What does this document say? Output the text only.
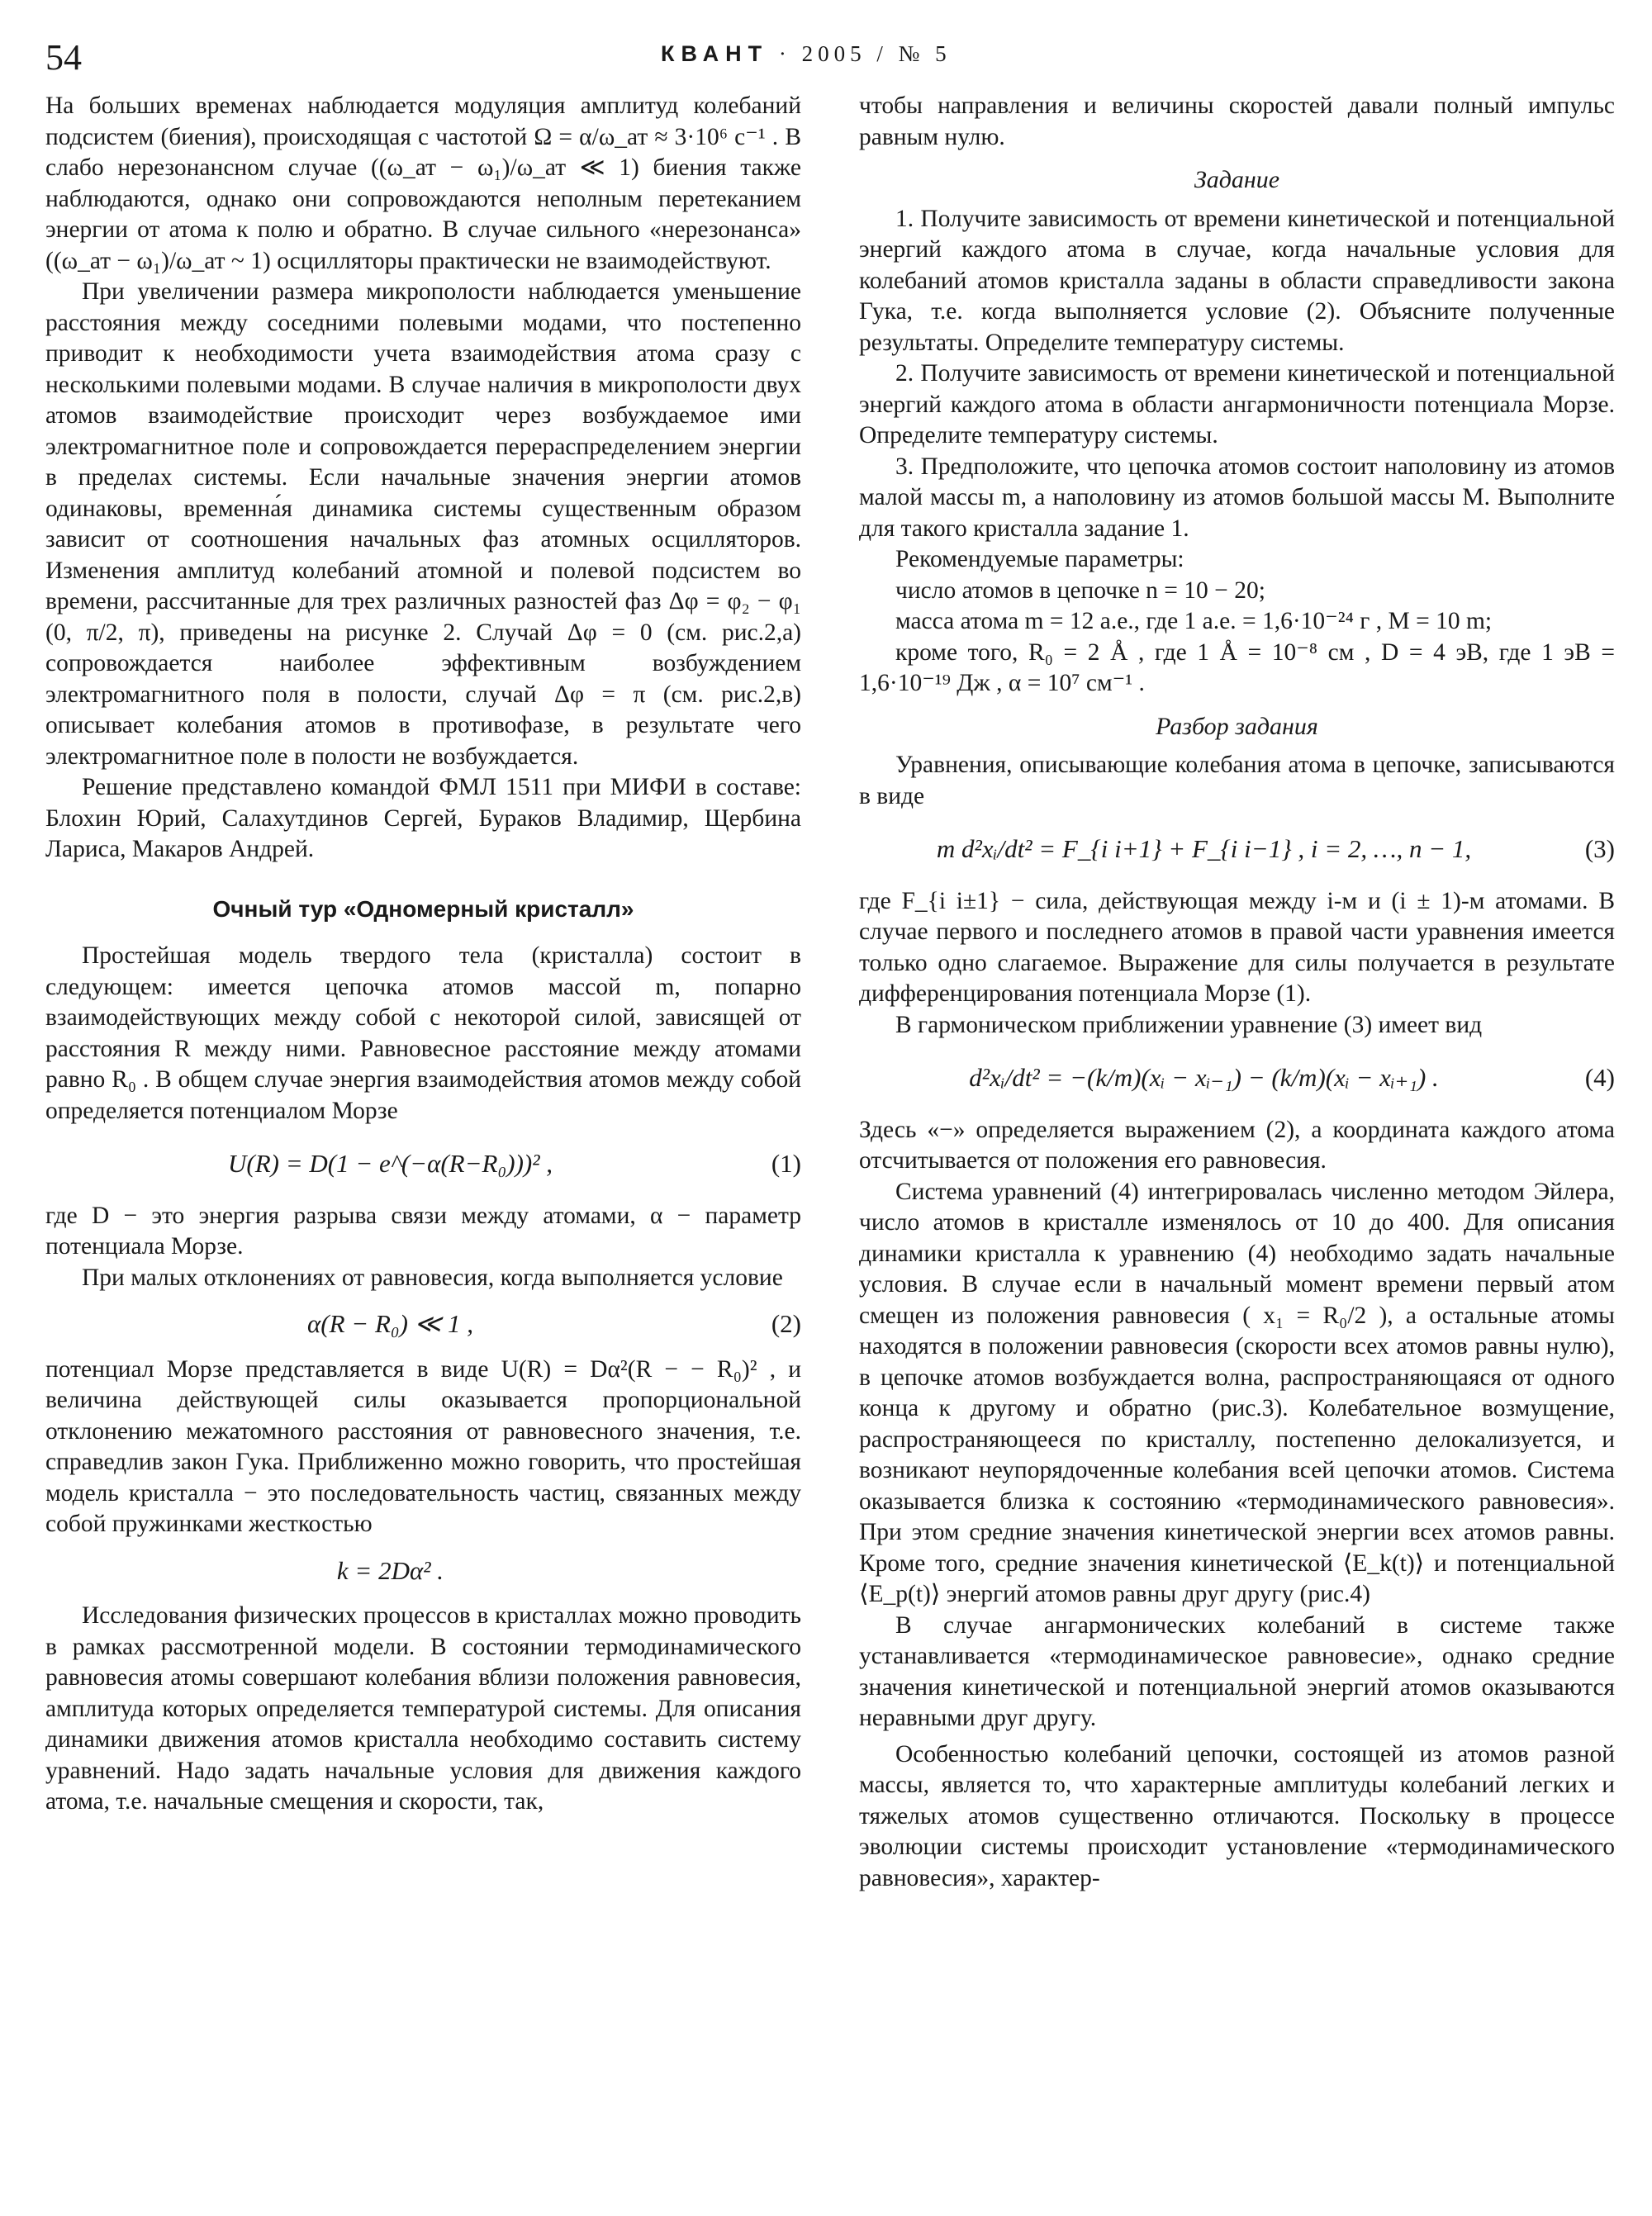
54	КВАНТ · 2005 / № 5

На больших временах наблюдается модуляция амплитуд колебаний подсистем (биения), происходящая с частотой Ω = α/ω_ат ≈ 3·10⁶ с⁻¹ . В слабо нерезонансном случае ((ω_ат − ω₁)/ω_ат ≪ 1) биения также наблюдаются, однако они сопровождаются неполным перетеканием энергии от атома к полю и обратно. В случае сильного «нерезонанса» ((ω_ат − ω₁)/ω_ат ~ 1) осцилляторы практически не взаимодействуют.

При увеличении размера микрополости наблюдается уменьшение расстояния между соседними полевыми модами, что постепенно приводит к необходимости учета взаимодействия атома сразу с несколькими полевыми модами. В случае наличия в микрополости двух атомов взаимодействие происходит через возбуждаемое ими электромагнитное поле и сопровождается перераспределением энергии в пределах системы. Если начальные значения энергии атомов одинаковы, временна́я динамика системы существенным образом зависит от соотношения начальных фаз атомных осцилляторов. Изменения амплитуд колебаний атомной и полевой подсистем во времени, рассчитанные для трех различных разностей фаз Δφ = φ₂ − φ₁ (0, π/2, π), приведены на рисунке 2. Случай Δφ = 0 (см. рис.2,а) сопровождается наиболее эффективным возбуждением электромагнитного поля в полости, случай Δφ = π (см. рис.2,в) описывает колебания атомов в противофазе, в результате чего электромагнитное поле в полости не возбуждается.

Решение представлено командой ФМЛ 1511 при МИФИ в составе: Блохин Юрий, Салахутдинов Сергей, Бураков Владимир, Щербина Лариса, Макаров Андрей.

Очный тур «Одномерный кристалл»

Простейшая модель твердого тела (кристалла) состоит в следующем: имеется цепочка атомов массой m, попарно взаимодействующих между собой с некоторой силой, зависящей от расстояния R между ними. Равновесное расстояние между атомами равно R₀ . В общем случае энергия взаимодействия атомов между собой определяется потенциалом Морзе

U(R) = D(1 − e^(−α(R−R₀)))² ,	(1)

где D − это энергия разрыва связи между атомами, α − параметр потенциала Морзе.

При малых отклонениях от равновесия, когда выполняется условие

α(R − R₀) ≪ 1 ,	(2)

потенциал Морзе представляется в виде U(R) = Dα²(R − − R₀)² , и величина действующей силы оказывается пропорциональной отклонению межатомного расстояния от равновесного значения, т.е. справедлив закон Гука. Приближенно можно говорить, что простейшая модель кристалла − это последовательность частиц, связанных между собой пружинками жесткостью

k = 2Dα² .

Исследования физических процессов в кристаллах можно проводить в рамках рассмотренной модели. В состоянии термодинамического равновесия атомы совершают колебания вблизи положения равновесия, амплитуда которых определяется температурой системы. Для описания динамики движения атомов кристалла необходимо составить систему уравнений. Надо задать начальные условия для движения каждого атома, т.е. начальные смещения и скорости, так,

чтобы направления и величины скоростей давали полный импульс равным нулю.

Задание

1. Получите зависимость от времени кинетической и потенциальной энергий каждого атома в случае, когда начальные условия для колебаний атомов кристалла заданы в области справедливости закона Гука, т.е. когда выполняется условие (2). Объясните полученные результаты. Определите температуру системы.

2. Получите зависимость от времени кинетической и потенциальной энергий каждого атома в области ангармоничности потенциала Морзе. Определите температуру системы.

3. Предположите, что цепочка атомов состоит наполовину из атомов малой массы m, а наполовину из атомов большой массы M. Выполните для такого кристалла задание 1.

Рекомендуемые параметры:

число атомов в цепочке n = 10 − 20;

масса атома m = 12 а.е., где 1 а.е. = 1,6·10⁻²⁴ г , M = 10 m;

кроме того, R₀ = 2 Å , где 1 Å = 10⁻⁸ см , D = 4 эВ, где 1 эВ = 1,6·10⁻¹⁹ Дж , α = 10⁷ см⁻¹ .

Разбор задания

Уравнения, описывающие колебания атома в цепочке, записываются в виде

m d²xᵢ/dt² = F_{i i+1} + F_{i i−1} , i = 2, …, n − 1,	(3)

где F_{i i±1} − сила, действующая между i-м и (i ± 1)-м атомами. В случае первого и последнего атомов в правой части уравнения имеется только одно слагаемое. Выражение для силы получается в результате дифференцирования потенциала Морзе (1).

В гармоническом приближении уравнение (3) имеет вид

d²xᵢ/dt² = −(k/m)(xᵢ − xᵢ₋₁) − (k/m)(xᵢ − xᵢ₊₁) .	(4)

Здесь «−» определяется выражением (2), а координата каждого атома отсчитывается от положения его равновесия.

Система уравнений (4) интегрировалась численно методом Эйлера, число атомов в кристалле изменялось от 10 до 400. Для описания динамики кристалла к уравнению (4) необходимо задать начальные условия. В случае если в начальный момент времени первый атом смещен из положения равновесия ( x₁ = R₀/2 ), а остальные атомы находятся в положении равновесия (скорости всех атомов равны нулю), в цепочке атомов возбуждается волна, распространяющаяся от одного конца к другому и обратно (рис.3). Колебательное возмущение, распространяющееся по кристаллу, постепенно делокализуется, и возникают неупорядоченные колебания всей цепочки атомов. Система оказывается близка к состоянию «термодинамического равновесия». При этом средние значения кинетической энергии всех атомов равны. Кроме того, средние значения кинетической ⟨E_k(t)⟩ и потенциальной ⟨E_p(t)⟩ энергий атомов равны друг другу (рис.4)

В случае ангармонических колебаний в системе также устанавливается «термодинамическое равновесие», однако средние значения кинетической и потенциальной энергий атомов оказываются неравными друг другу.

Особенностью колебаний цепочки, состоящей из атомов разной массы, является то, что характерные амплитуды колебаний легких и тяжелых атомов существенно отличаются. Поскольку в процессе эволюции системы происходит установление «термодинамического равновесия», характер-
